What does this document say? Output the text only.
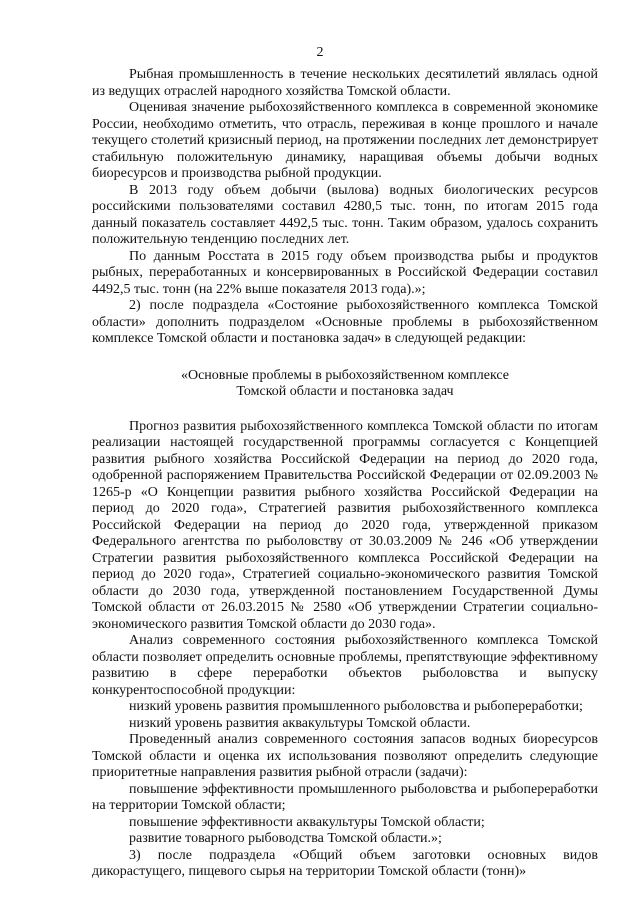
2

Рыбная промышленность в течение нескольких десятилетий являлась одной из ведущих отраслей народного хозяйства Томской области.

Оценивая значение рыбохозяйственного комплекса в современной экономике России, необходимо отметить, что отрасль, переживая в конце прошлого и начале текущего столетий кризисный период, на протяжении последних лет демонстрирует стабильную положительную динамику, наращивая объемы добычи водных биоресурсов и производства рыбной продукции.

В 2013 году объем добычи (вылова) водных биологических ресурсов российскими пользователями составил 4280,5 тыс. тонн, по итогам 2015 года данный показатель составляет 4492,5 тыс. тонн. Таким образом, удалось сохранить положительную тенденцию последних лет.

По данным Росстата в 2015 году объем производства рыбы и продуктов рыбных, переработанных и консервированных в Российской Федерации составил 4492,5 тыс. тонн (на 22% выше показателя 2013 года).»;

2) после подраздела «Состояние рыбохозяйственного комплекса Томской области» дополнить подразделом «Основные проблемы в рыбохозяйственном комплексе Томской области и постановка задач» в следующей редакции:

«Основные проблемы в рыбохозяйственном комплексе
Томской области и постановка задач

Прогноз развития рыбохозяйственного комплекса Томской области по итогам реализации настоящей государственной программы согласуется с Концепцией развития рыбного хозяйства Российской Федерации на период до 2020 года, одобренной распоряжением Правительства Российской Федерации от 02.09.2003 № 1265-р «О Концепции развития рыбного хозяйства Российской Федерации на период до 2020 года», Стратегией развития рыбохозяйственного комплекса Российской Федерации на период до 2020 года, утвержденной приказом Федерального агентства по рыболовству от 30.03.2009 № 246 «Об утверждении Стратегии развития рыбохозяйственного комплекса Российской Федерации на период до 2020 года», Стратегией социально-экономического развития Томской области до 2030 года, утвержденной постановлением Государственной Думы Томской области от 26.03.2015 № 2580 «Об утверждении Стратегии социально-экономического развития Томской области до 2030 года».

Анализ современного состояния рыбохозяйственного комплекса Томской области позволяет определить основные проблемы, препятствующие эффективному развитию в сфере переработки объектов рыболовства и выпуску конкурентоспособной продукции:

низкий уровень развития промышленного рыболовства и рыбопереработки;

низкий уровень развития аквакультуры Томской области.

Проведенный анализ современного состояния запасов водных биоресурсов Томской области и оценка их использования позволяют определить следующие приоритетные направления развития рыбной отрасли (задачи):

повышение эффективности промышленного рыболовства и рыбопереработки на территории Томской области;

повышение эффективности аквакультуры Томской области;

развитие товарного рыбоводства Томской области.»;

3) после подраздела «Общий объем заготовки основных видов дикорастущего, пищевого сырья на территории Томской области (тонн)»
